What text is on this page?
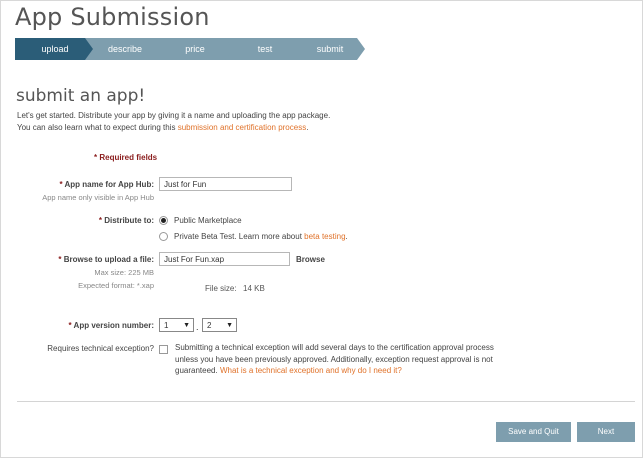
App Submission
upload	describe	price	test	submit
submit an app!
Let's get started. Distribute your app by giving it a name and uploading the app package.
You can also learn what to expect during this submission and certification process.
* Required fields
* App name for App Hub:
App name only visible in App Hub
Just for Fun
* Distribute to:	Public Marketplace
Private Beta Test. Learn more about beta testing.
* Browse to upload a file:
Just For Fun.xap	Browse
Max size: 225 MB
Expected format: *.xap	File size: 14 KB
* App version number:	1 ▼ .	2 ▼
Requires technical exception?	Submitting a technical exception will add several days to the certification approval process unless you have been previously approved. Additionally, exception request approval is not guaranteed. What is a technical exception and why do I need it?
Save and Quit	Next
